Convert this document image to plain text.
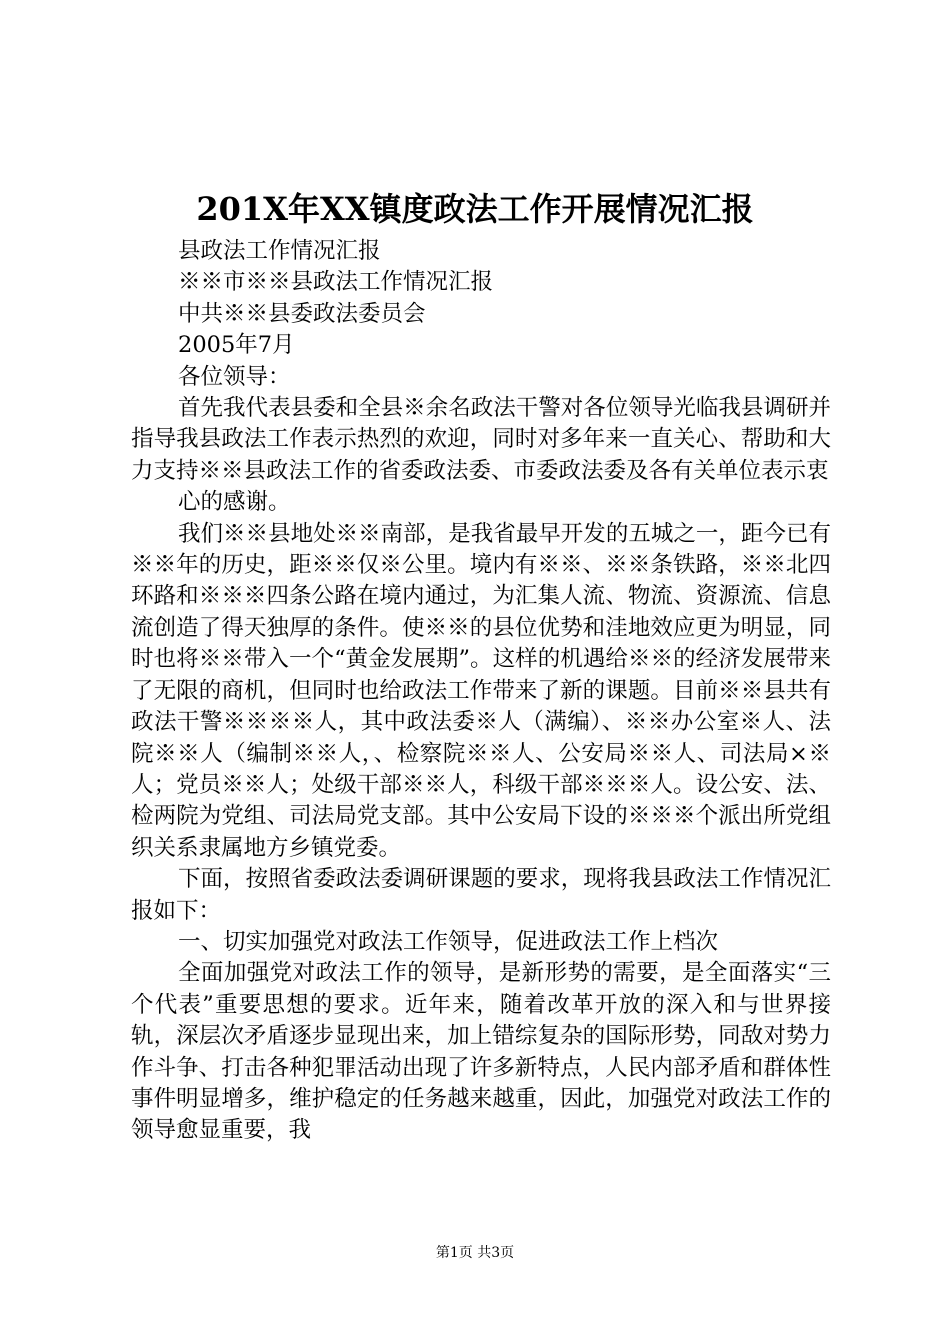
201X年XX镇度政法工作开展情况汇报

县政法工作情况汇报

※※市※※县政法工作情况汇报

中共※※县委政法委员会

2005年7月

各位领导：

首先我代表县委和全县※余名政法干警对各位领导光临我县调研并指导我县政法工作表示热烈的欢迎，同时对多年来一直关心、帮助和大力支持※※县政法工作的省委政法委、市委政法委及各有关单位表示衷

心的感谢。

我们※※县地处※※南部，是我省最早开发的五城之一，距今已有※※年的历史，距※※仅※公里。境内有※※、※※条铁路，※※北四环路和※※※四条公路在境内通过，为汇集人流、物流、资源流、信息流创造了得天独厚的条件。使※※的县位优势和洼地效应更为明显，同时也将※※带入一个“黄金发展期”。这样的机遇给※※的经济发展带来了无限的商机，但同时也给政法工作带来了新的课题。目前※※县共有政法干警※※※※人，其中政法委※人（满编）、※※办公室※人、法院※※人（编制※※人，、检察院※※人、公安局※※人、司法局×※人；党员※※人；处级干部※※人，科级干部※※※人。设公安、法、检两院为党组、司法局党支部。其中公安局下设的※※※个派出所党组织关系隶属地方乡镇党委。

下面，按照省委政法委调研课题的要求，现将我县政法工作情况汇报如下：

一、切实加强党对政法工作领导，促进政法工作上档次

全面加强党对政法工作的领导，是新形势的需要，是全面落实“三个代表”重要思想的要求。近年来，随着改革开放的深入和与世界接轨，深层次矛盾逐步显现出来，加上错综复杂的国际形势，同敌对势力作斗争、打击各种犯罪活动出现了许多新特点，人民内部矛盾和群体性事件明显增多，维护稳定的任务越来越重，因此，加强党对政法工作的领导愈显重要，我

第1页 共3页
